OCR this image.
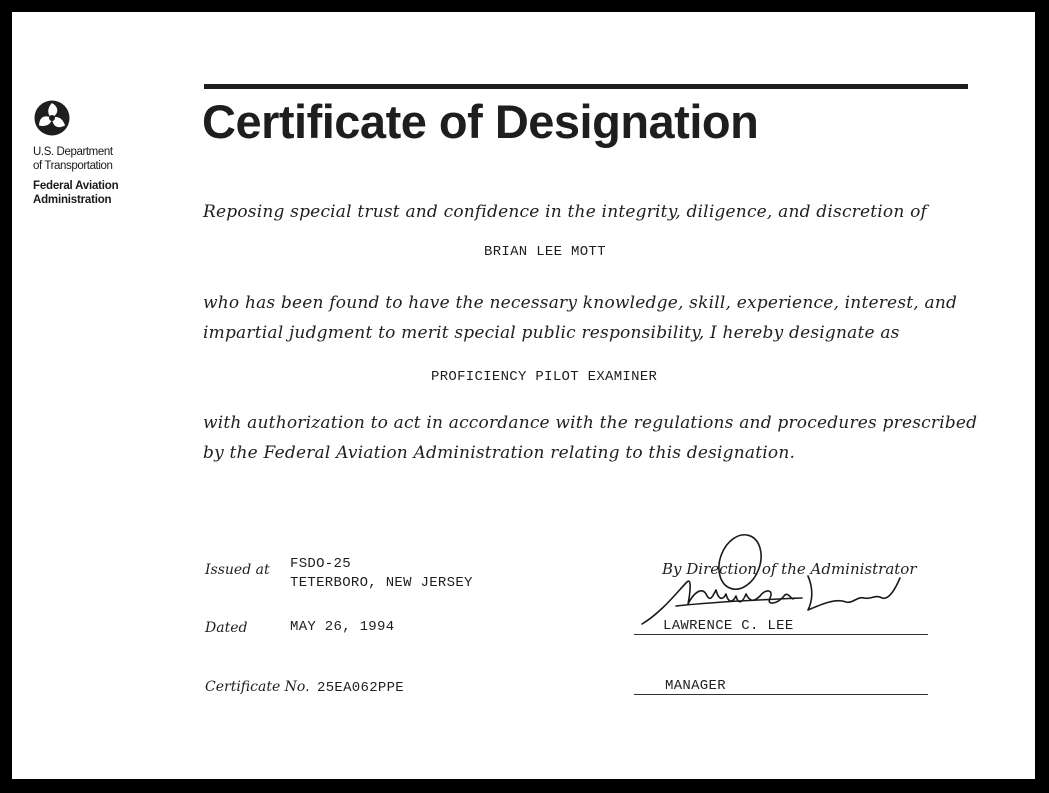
U.S. Department
of Transportation
Federal Aviation
Administration
Certificate of Designation
Reposing special trust and confidence in the integrity, diligence, and discretion of
BRIAN LEE MOTT
who has been found to have the necessary knowledge, skill, experience, interest, and
impartial judgment to merit special public responsibility, I hereby designate as
PROFICIENCY PILOT EXAMINER
with authorization to act in accordance with the regulations and procedures prescribed
by the Federal Aviation Administration relating to this designation.
Issued at FSDO-25
TETERBORO, NEW JERSEY
Dated	MAY 26, 1994
Certificate No. 25EA062PPE
By Direction of the Administrator
LAWRENCE C. LEE
MANAGER
